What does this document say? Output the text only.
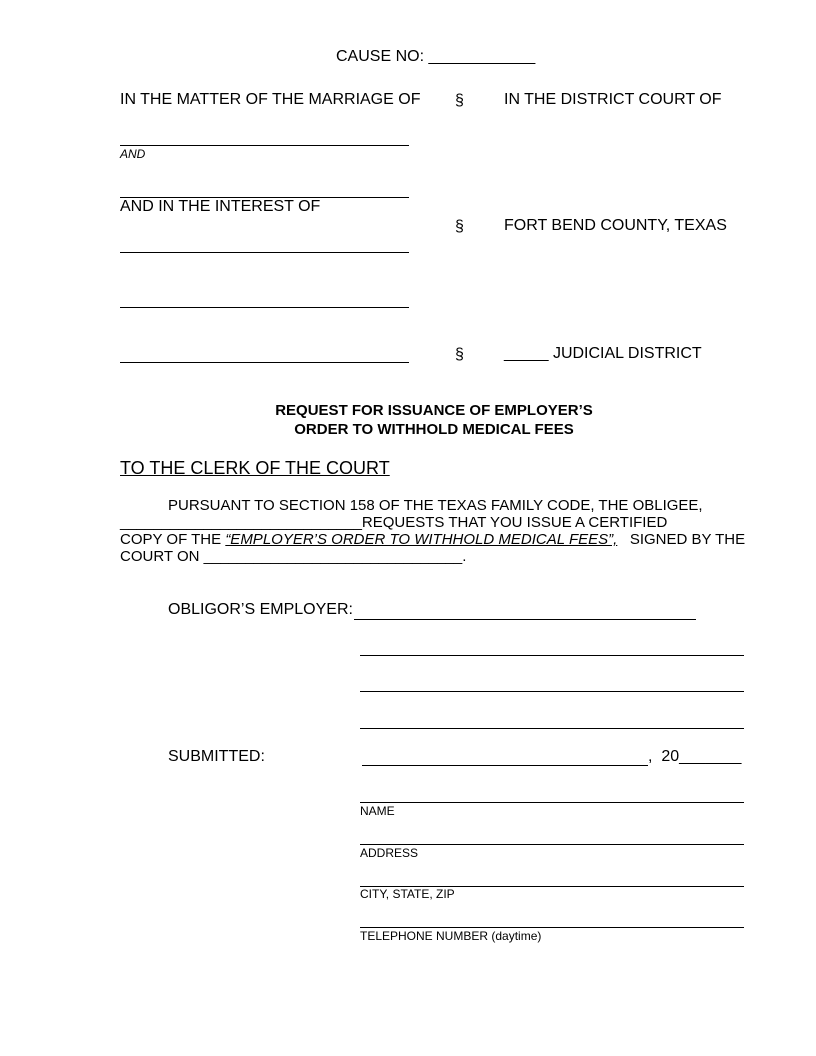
CAUSE NO: ____________
IN THE MATTER OF THE MARRIAGE OF
AND
AND IN THE INTEREST OF
§
§
§
IN THE DISTRICT COURT OF
FORT BEND COUNTY, TEXAS
_____ JUDICIAL DISTRICT
REQUEST FOR ISSUANCE OF EMPLOYER’S
ORDER TO WITHHOLD MEDICAL FEES
TO THE CLERK OF THE COURT
PURSUANT TO SECTION 158 OF THE TEXAS FAMILY CODE, THE OBLIGEE,
_____________________________REQUESTS THAT YOU ISSUE A CERTIFIED
COPY OF THE “EMPLOYER’S ORDER TO WITHHOLD MEDICAL FEES”,   SIGNED BY THE
COURT ON _______________________________.
OBLIGOR’S EMPLOYER:
SUBMITTED:	,  20_______
NAME
ADDRESS
CITY, STATE, ZIP
TELEPHONE NUMBER (daytime)
